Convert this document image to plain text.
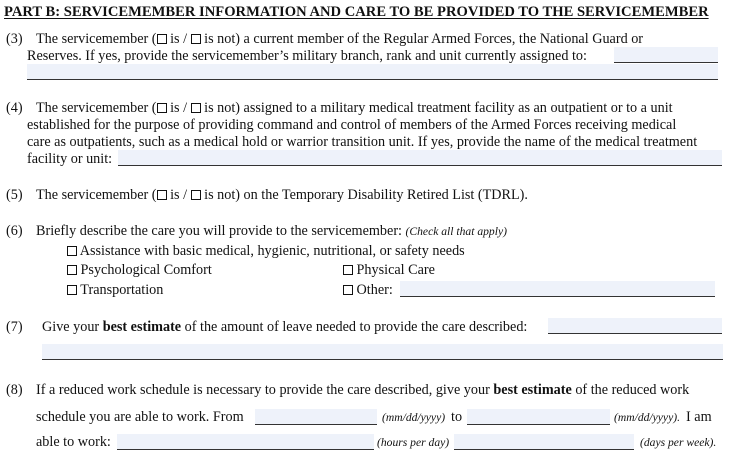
PART B: SERVICEMEMBER INFORMATION AND CARE TO BE PROVIDED TO THE SERVICEMEMBER
(3) The servicemember ( is / is not) a current member of the Regular Armed Forces, the National Guard or
Reserves. If yes, provide the servicemember’s military branch, rank and unit currently assigned to:
(4) The servicemember ( is / is not) assigned to a military medical treatment facility as an outpatient or to a unit
established for the purpose of providing command and control of members of the Armed Forces receiving medical
care as outpatients, such as a medical hold or warrior transition unit. If yes, provide the name of the medical treatment
facility or unit:
(5) The servicemember ( is / is not) on the Temporary Disability Retired List (TDRL).
(6) Briefly describe the care you will provide to the servicemember: (Check all that apply)
Assistance with basic medical, hygienic, nutritional, or safety needs
Psychological Comfort	Physical Care
Transportation	Other:
(7) Give your best estimate of the amount of leave needed to provide the care described:
(8) If a reduced work schedule is necessary to provide the care described, give your best estimate of the reduced work
schedule you are able to work. From	(mm/dd/yyyy) to	(mm/dd/yyyy). I am
able to work:	(hours per day)	(days per week).
